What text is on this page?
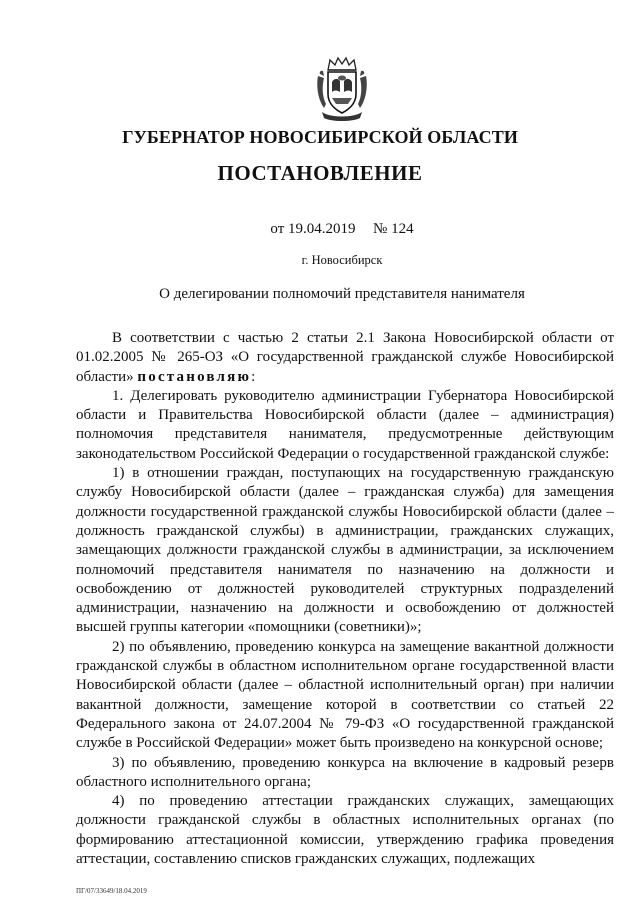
ГУБЕРНАТОР НОВОСИБИРСКОЙ ОБЛАСТИ
ПОСТАНОВЛЕНИЕ
от 19.04.2019 № 124
г. Новосибирск
О делегировании полномочий представителя нанимателя

В соответствии с частью 2 статьи 2.1 Закона Новосибирской области от 01.02.2005 № 265-ОЗ «О государственной гражданской службе Новосибирской области» постановляю:

1. Делегировать руководителю администрации Губернатора Новосибирской области и Правительства Новосибирской области (далее – администрация) полномочия представителя нанимателя, предусмотренные действующим законодательством Российской Федерации о государственной гражданской службе:

1) в отношении граждан, поступающих на государственную гражданскую службу Новосибирской области (далее – гражданская служба) для замещения должности государственной гражданской службы Новосибирской области (далее – должность гражданской службы) в администрации, гражданских служащих, замещающих должности гражданской службы в администрации, за исключением полномочий представителя нанимателя по назначению на должности и освобождению от должностей руководителей структурных подразделений администрации, назначению на должности и освобождению от должностей высшей группы категории «помощники (советники)»;

2) по объявлению, проведению конкурса на замещение вакантной должности гражданской службы в областном исполнительном органе государственной власти Новосибирской области (далее – областной исполнительный орган) при наличии вакантной должности, замещение которой в соответствии со статьей 22 Федерального закона от 24.07.2004 № 79-ФЗ «О государственной гражданской службе в Российской Федерации» может быть произведено на конкурсной основе;

3) по объявлению, проведению конкурса на включение в кадровый резерв областного исполнительного органа;

4) по проведению аттестации гражданских служащих, замещающих должности гражданской службы в областных исполнительных органах (по формированию аттестационной комиссии, утверждению графика проведения аттестации, составлению списков гражданских служащих, подлежащих

ПГ/07/33649/18.04.2019
